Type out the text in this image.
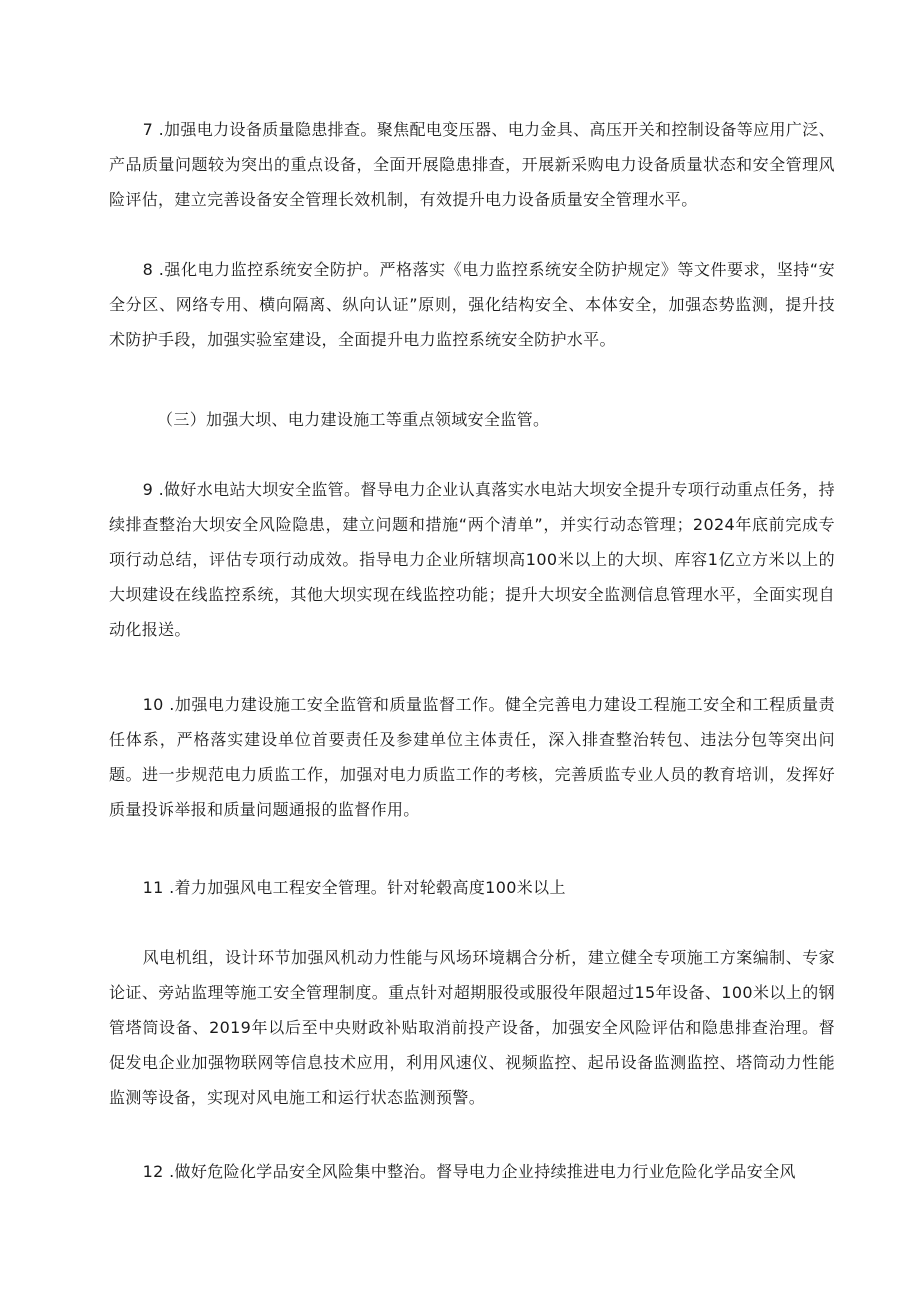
7 .加强电力设备质量隐患排查。聚焦配电变压器、电力金具、高压开关和控制设备等应用广泛、产品质量问题较为突出的重点设备，全面开展隐患排查，开展新采购电力设备质量状态和安全管理风险评估，建立完善设备安全管理长效机制，有效提升电力设备质量安全管理水平。

8 .强化电力监控系统安全防护。严格落实《电力监控系统安全防护规定》等文件要求，坚持“安全分区、网络专用、横向隔离、纵向认证”原则，强化结构安全、本体安全，加强态势监测，提升技术防护手段，加强实验室建设，全面提升电力监控系统安全防护水平。

（三）加强大坝、电力建设施工等重点领域安全监管。

9 .做好水电站大坝安全监管。督导电力企业认真落实水电站大坝安全提升专项行动重点任务，持续排查整治大坝安全风险隐患，建立问题和措施“两个清单”，并实行动态管理；2024年底前完成专项行动总结，评估专项行动成效。指导电力企业所辖坝高100米以上的大坝、库容1亿立方米以上的大坝建设在线监控系统，其他大坝实现在线监控功能；提升大坝安全监测信息管理水平，全面实现自动化报送。

10 .加强电力建设施工安全监管和质量监督工作。健全完善电力建设工程施工安全和工程质量责任体系，严格落实建设单位首要责任及参建单位主体责任，深入排查整治转包、违法分包等突出问题。进一步规范电力质监工作，加强对电力质监工作的考核，完善质监专业人员的教育培训，发挥好质量投诉举报和质量问题通报的监督作用。

11 .着力加强风电工程安全管理。针对轮毂高度100米以上

风电机组，设计环节加强风机动力性能与风场环境耦合分析，建立健全专项施工方案编制、专家论证、旁站监理等施工安全管理制度。重点针对超期服役或服役年限超过15年设备、100米以上的钢管塔筒设备、2019年以后至中央财政补贴取消前投产设备，加强安全风险评估和隐患排查治理。督促发电企业加强物联网等信息技术应用，利用风速仪、视频监控、起吊设备监测监控、塔筒动力性能监测等设备，实现对风电施工和运行状态监测预警。

12 .做好危险化学品安全风险集中整治。督导电力企业持续推进电力行业危险化学品安全风
